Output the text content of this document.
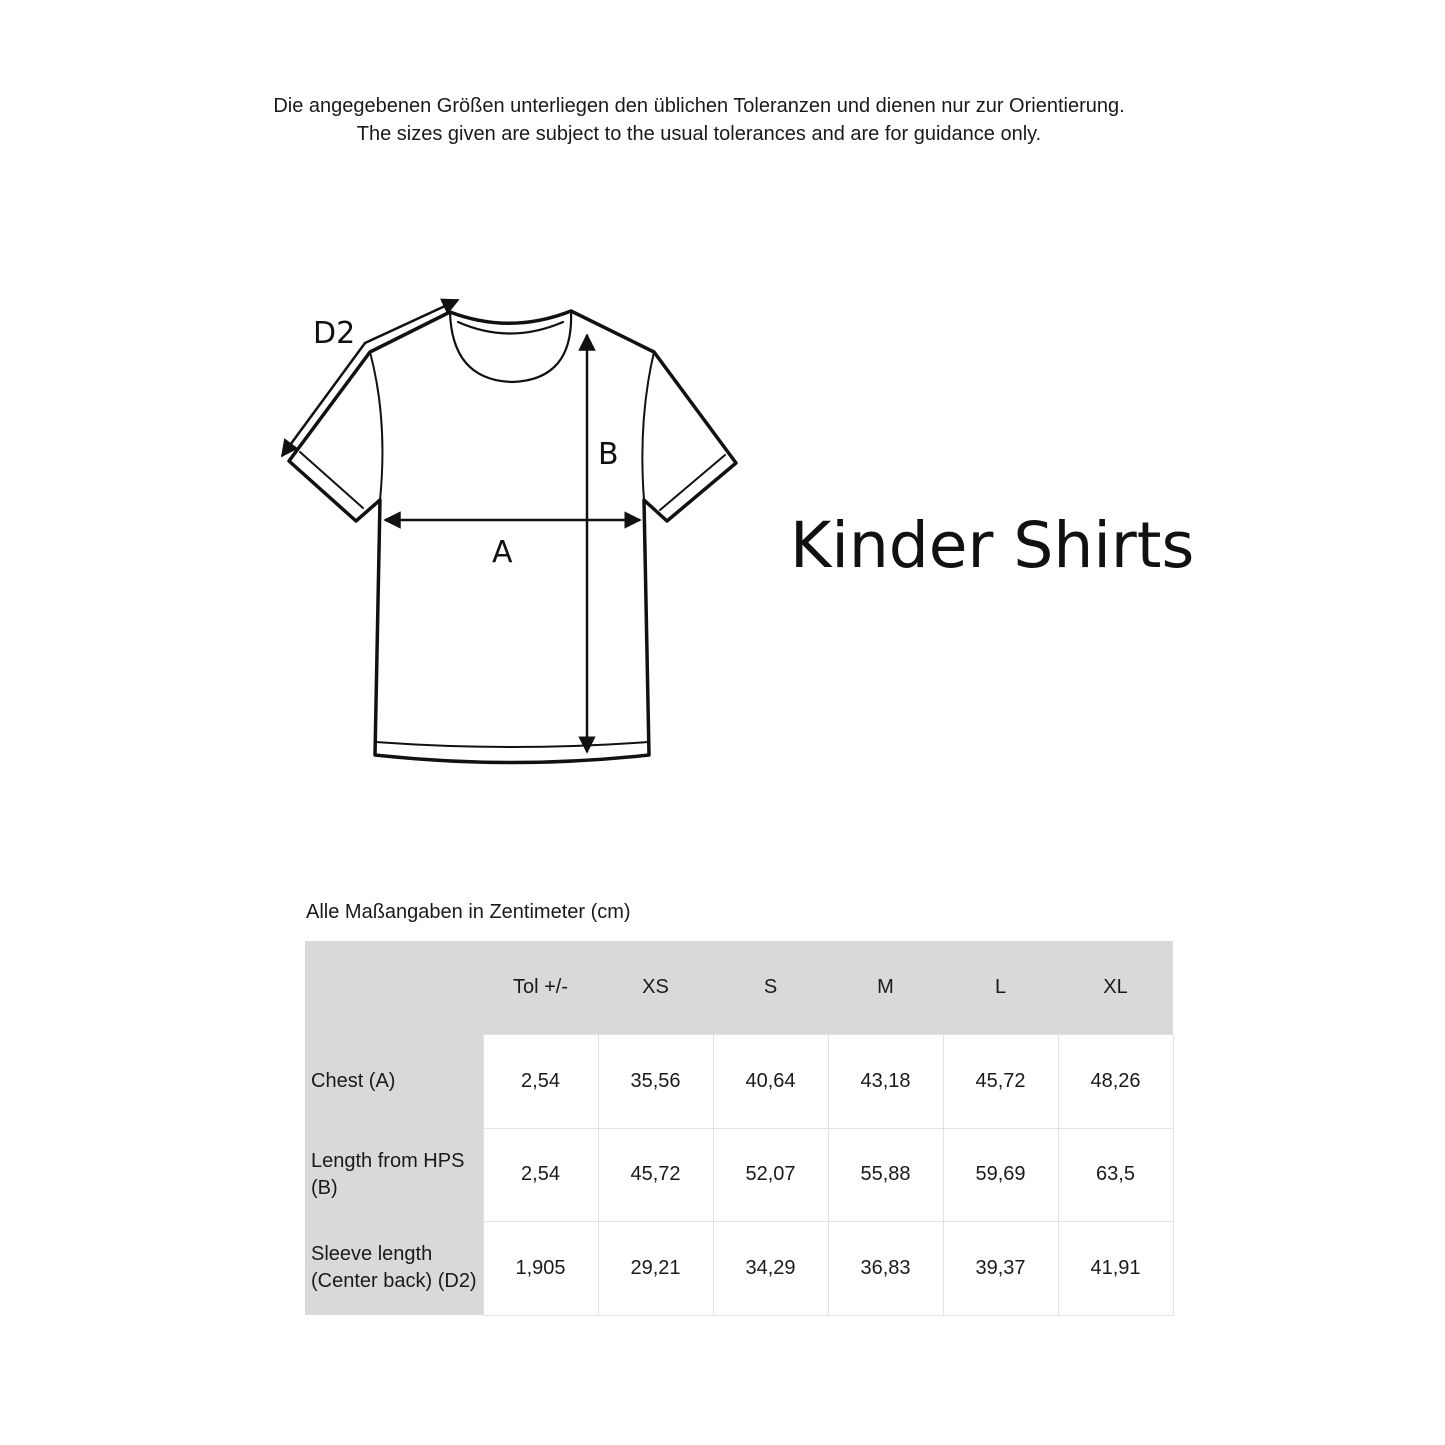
Die angegebenen Größen unterliegen den üblichen Toleranzen und dienen nur zur Orientierung.
The sizes given are subject to the usual tolerances and are for guidance only.
D2
B
A	Kinder Shirts
Alle Maßangaben in Zentimeter (cm)
	Tol +/-	XS	S	M	L	XL
Chest (A)	2,54	35,56	40,64	43,18	45,72	48,26
Length from HPS (B)	2,54	45,72	52,07	55,88	59,69	63,5
Sleeve length (Center back) (D2)	1,905	29,21	34,29	36,83	39,37	41,91
